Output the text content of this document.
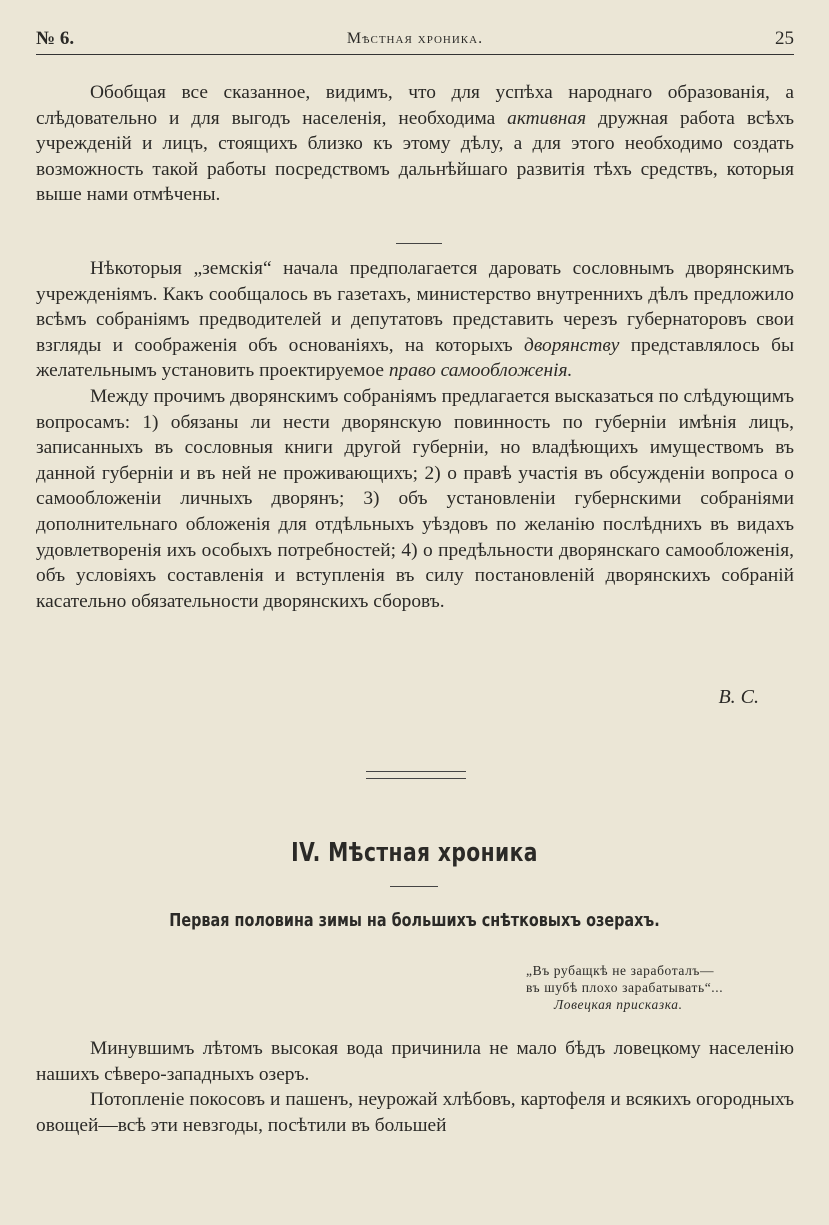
№ 6.	Мѣстная хроника.	25

Обобщая все сказанное, видимъ, что для успѣха народнаго образованія, а слѣдовательно и для выгодъ населенія, необходима активная дружная работа всѣхъ учрежденій и лицъ, стоящихъ близко къ этому дѣлу, а для этого необходимо создать возможность такой работы посредствомъ дальнѣйшаго развитія тѣхъ средствъ, которыя выше нами отмѣчены.

Нѣкоторыя „земскія“ начала предполагается даровать сословнымъ дворянскимъ учрежденіямъ. Какъ сообщалось въ газетахъ, министерство внутреннихъ дѣлъ предложило всѣмъ собраніямъ предводителей и депутатовъ представить черезъ губернаторовъ свои взгляды и соображенія объ основаніяхъ, на которыхъ дворянству представлялось бы желательнымъ установить проектируемое право самообложенія.

Между прочимъ дворянскимъ собраніямъ предлагается высказаться по слѣдующимъ вопросамъ: 1) обязаны ли нести дворянскую повинность по губерніи имѣнія лицъ, записанныхъ въ сословныя книги другой губерніи, но владѣющихъ имуществомъ въ данной губерніи и въ ней не проживающихъ; 2) о правѣ участія въ обсужденіи вопроса о самообложеніи личныхъ дворянъ; 3) объ установленіи губернскими собраніями дополнительнаго обложенія для отдѣльныхъ уѣздовъ по желанію послѣднихъ въ видахъ удовлетворенія ихъ особыхъ потребностей; 4) о предѣльности дворянскаго самообложенія, объ условіяхъ составленія и вступленія въ силу постановленій дворянскихъ собраній касательно обязательности дворянскихъ сборовъ.

В. С.
IV. Мѣстная хроника
Первая половина зимы на большихъ снѣтковыхъ озерахъ.
„Въ рубащкѣ не заработалъ—
въ шубѣ плохо зарабатывать“...
Ловецкая присказка.

Минувшимъ лѣтомъ высокая вода причинила не мало бѣдъ ловецкому населенію нашихъ сѣверо-западныхъ озеръ.

Потопленіе покосовъ и пашенъ, неурожай хлѣбовъ, картофеля и всякихъ огородныхъ овощей—всѣ эти невзгоды, посѣтили въ большей
